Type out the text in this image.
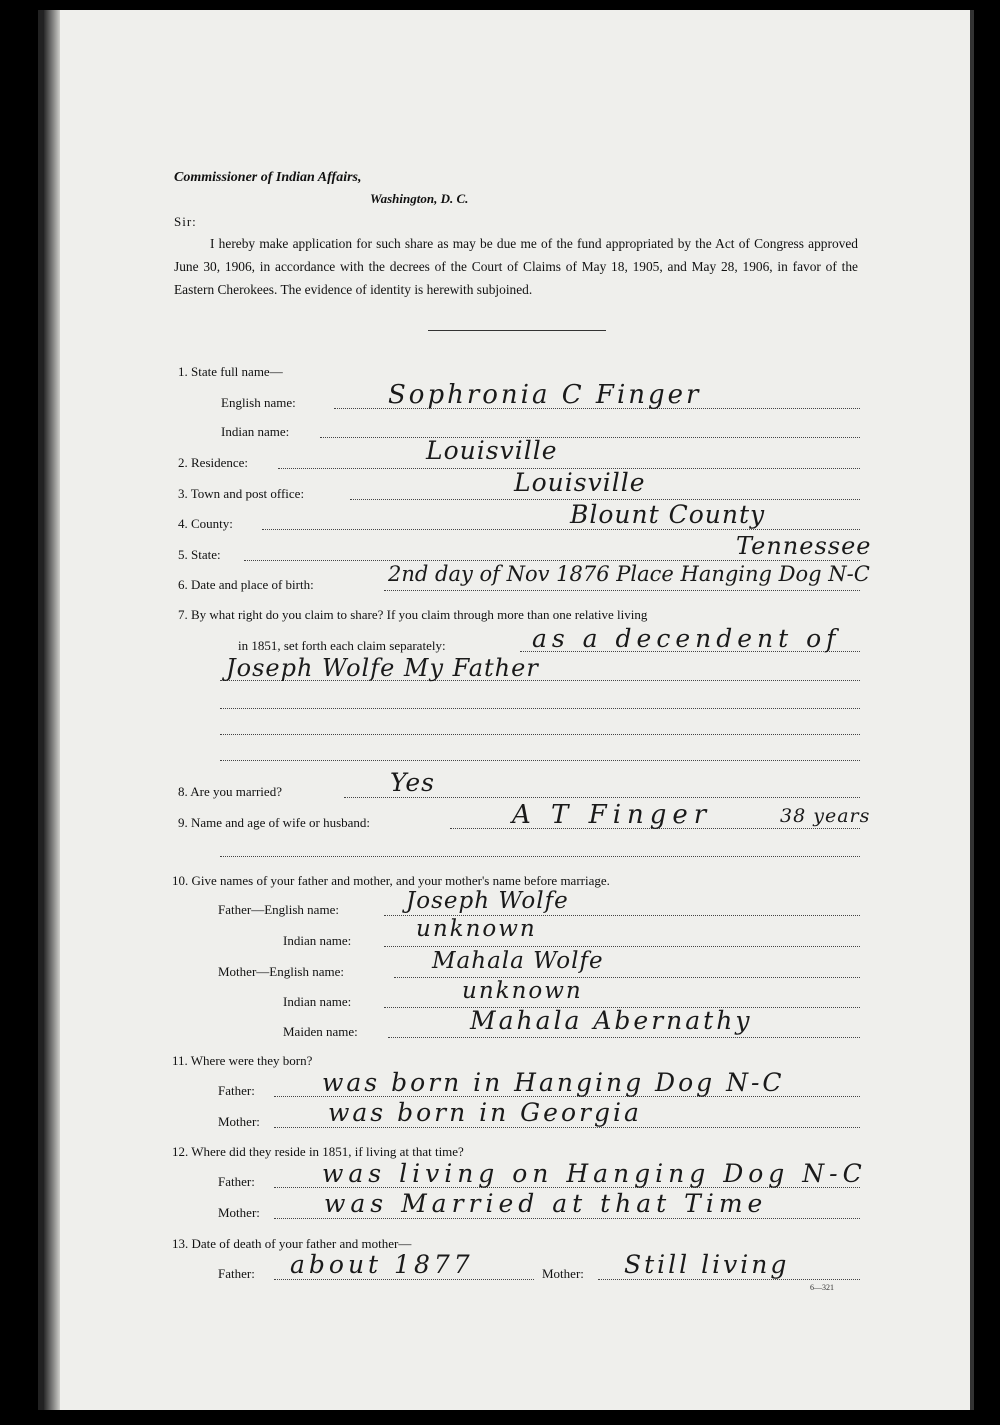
Commissioner of Indian Affairs,
Washington, D. C.
Sir:
I hereby make application for such share as may be due me of the fund appropriated by the Act of Congress approved June 30, 1906, in accordance with the decrees of the Court of Claims of May 18, 1905, and May 28, 1906, in favor of the Eastern Cherokees. The evidence of identity is herewith subjoined.
1. State full name—
English name:	Sophronia C Finger
Indian name:
2. Residence:	Louisville
3. Town and post office:	Louisville
4. County:	Blount County
5. State:	Tennessee
6. Date and place of birth:	2nd day of Nov 1876 Place Hanging Dog N-C
7. By what right do you claim to share? If you claim through more than one relative living
in 1851, set forth each claim separately:	as a decendent of
Joseph Wolfe My Father
8. Are you married?	Yes
9. Name and age of wife or husband:	A T Finger	38 years
10. Give names of your father and mother, and your mother's name before marriage.
Father—English name:	Joseph Wolfe
Indian name:	unknown
Mother—English name:	Mahala Wolfe
Indian name:	unknown
Maiden name:	Mahala Abernathy
11. Where were they born?
Father:	was born in Hanging Dog N-C
Mother:	was born in Georgia
12. Where did they reside in 1851, if living at that time?
Father:	was living on Hanging Dog N-C
Mother:	was Married at that Time
13. Date of death of your father and mother—
Father: about 1877	Mother: Still living
6—321
